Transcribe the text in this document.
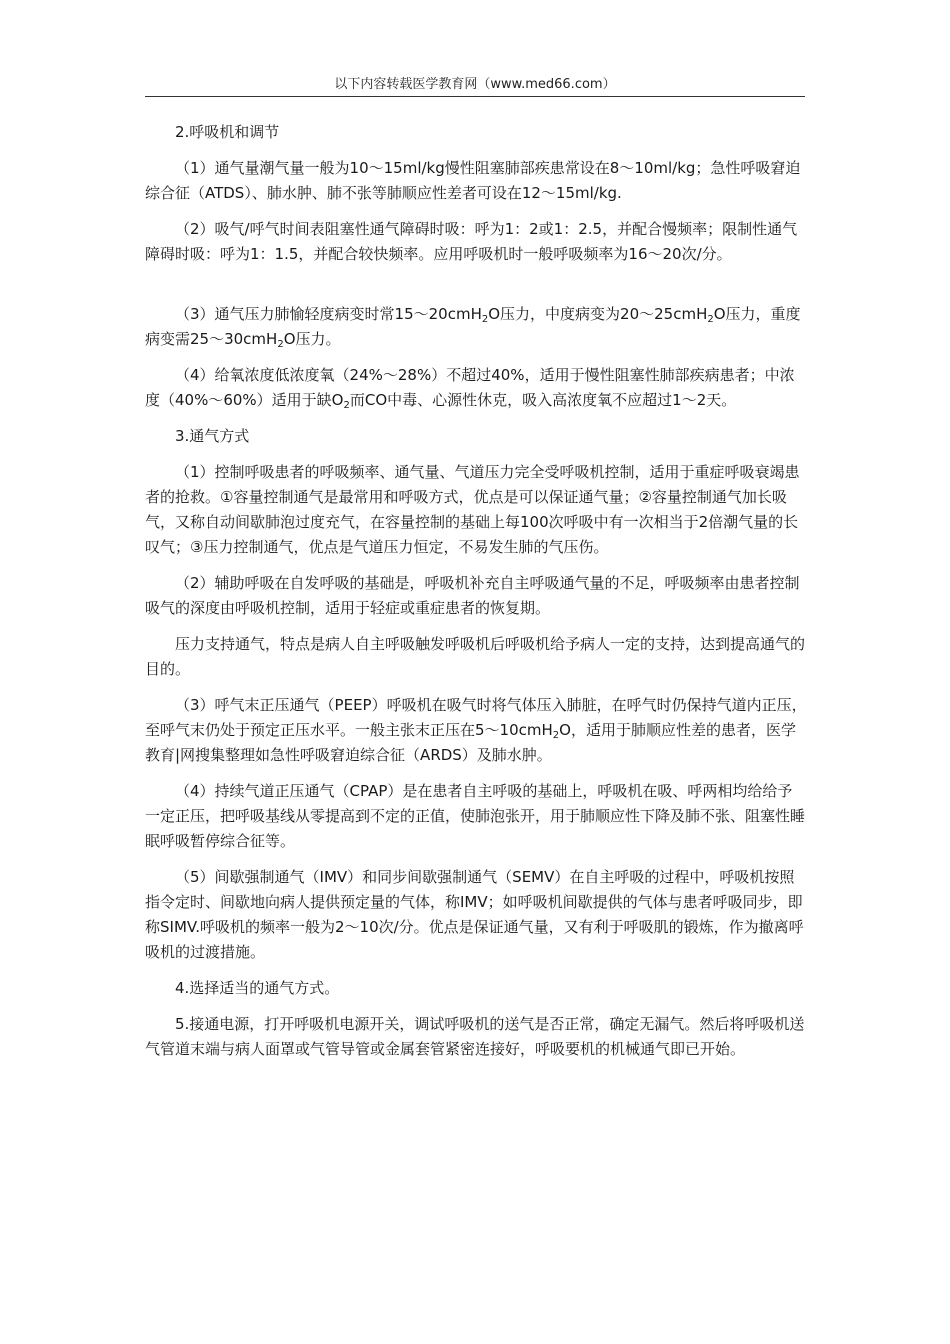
以下内容转载医学教育网（www.med66.com）

2.呼吸机和调节

（1）通气量潮气量一般为10～15ml/kg慢性阻塞肺部疾患常设在8～10ml/kg；急性呼吸窘迫综合征（ATDS）、肺水肿、肺不张等肺顺应性差者可设在12～15ml/kg.

（2）吸气/呼气时间表阻塞性通气障碍时吸：呼为1：2或1：2.5，并配合慢频率；限制性通气障碍时吸：呼为1：1.5，并配合较快频率。应用呼吸机时一般呼吸频率为16～20次/分。

（3）通气压力肺愉轻度病变时常15～20cmH$_2$O压力，中度病变为20～25cmH$_2$O压力，重度病变需25～30cmH$_2$O压力。

（4）给氧浓度低浓度氧（24%～28%）不超过40%，适用于慢性阻塞性肺部疾病患者；中浓度（40%～60%）适用于缺$O_2$而CO中毒、心源性休克，吸入高浓度氧不应超过1～2天。

3.通气方式

（1）控制呼吸患者的呼吸频率、通气量、气道压力完全受呼吸机控制，适用于重症呼吸衰竭患者的抢救。①容量控制通气是最常用和呼吸方式，优点是可以保证通气量；②容量控制通气加长吸气，又称自动间歇肺泡过度充气，在容量控制的基础上每100次呼吸中有一次相当于2倍潮气量的长叹气；③压力控制通气，优点是气道压力恒定，不易发生肺的气压伤。

（2）辅助呼吸在自发呼吸的基础是，呼吸机补充自主呼吸通气量的不足，呼吸频率由患者控制吸气的深度由呼吸机控制，适用于轻症或重症患者的恢复期。

压力支持通气，特点是病人自主呼吸触发呼吸机后呼吸机给予病人一定的支持，达到提高通气的目的。

（3）呼气末正压通气（PEEP）呼吸机在吸气时将气体压入肺脏，在呼气时仍保持气道内正压，至呼气末仍处于预定正压水平。一般主张末正压在5～10cmH$_2$O，适用于肺顺应性差的患者，医学教育|网搜集整理如急性呼吸窘迫综合征（ARDS）及肺水肿。

（4）持续气道正压通气（CPAP）是在患者自主呼吸的基础上，呼吸机在吸、呼两相均给给予一定正压，把呼吸基线从零提高到不定的正值，使肺泡张开，用于肺顺应性下降及肺不张、阻塞性睡眠呼吸暂停综合征等。

（5）间歇强制通气（IMV）和同步间歇强制通气（SEMV）在自主呼吸的过程中，呼吸机按照指令定时、间歇地向病人提供预定量的气体，称IMV；如呼吸机间歇提供的气体与患者呼吸同步，即称SIMV.呼吸机的频率一般为2～10次/分。优点是保证通气量，又有利于呼吸肌的锻炼，作为撤离呼吸机的过渡措施。

4.选择适当的通气方式。

5.接通电源，打开呼吸机电源开关，调试呼吸机的送气是否正常，确定无漏气。然后将呼吸机送气管道末端与病人面罩或气管导管或金属套管紧密连接好，呼吸要机的机械通气即已开始。
